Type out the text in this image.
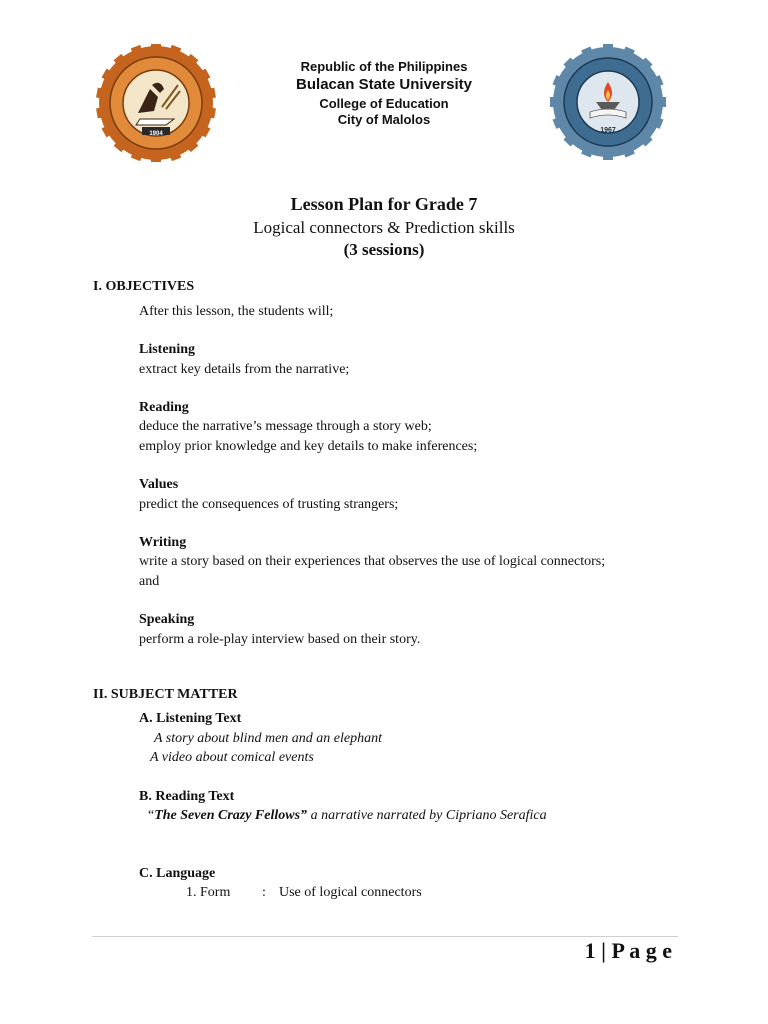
1904	1967
Republic of the Philippines
Bulacan State University
College of Education
City of Malolos
Lesson Plan for Grade 7
Logical connectors & Prediction skills
(3 sessions)
I. OBJECTIVES
After this lesson, the students will;
Listening
extract key details from the narrative;
Reading
deduce the narrative’s message through a story web;
employ prior knowledge and key details to make inferences;
Values
predict the consequences of trusting strangers;
Writing
write a story based on their experiences that observes the use of logical connectors;
and
Speaking
perform a role-play interview based on their story.
II. SUBJECT MATTER
A. Listening Text
A story about blind men and an elephant
A video about comical events
B. Reading Text
“The Seven Crazy Fellows” a narrative narrated by Cipriano Serafica
C. Language
1. Form : Use of logical connectors
1 | P a g e
